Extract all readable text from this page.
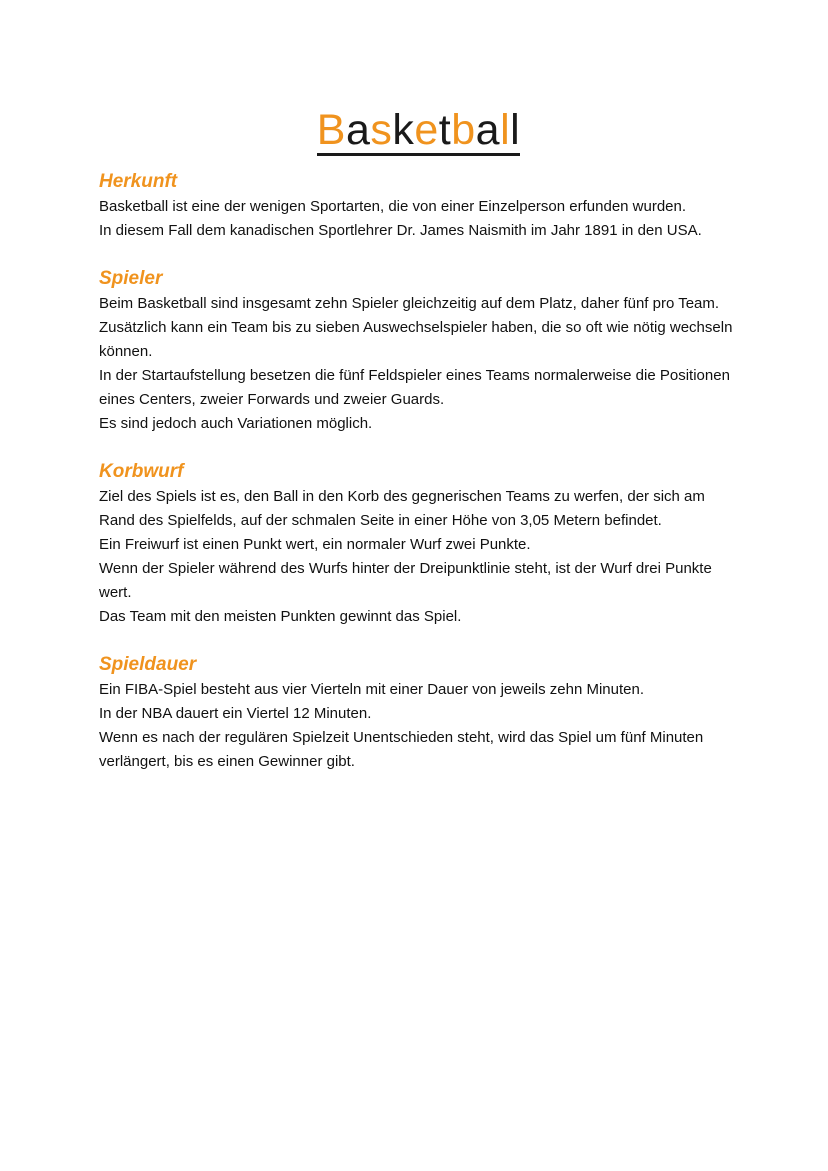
Basketball
Herkunft

Basketball ist eine der wenigen Sportarten, die von einer Einzelperson erfunden wurden.

In diesem Fall dem kanadischen Sportlehrer Dr. James Naismith im Jahr 1891 in den USA.

Spieler

Beim Basketball sind insgesamt zehn Spieler gleichzeitig auf dem Platz, daher fünf pro Team.

Zusätzlich kann ein Team bis zu sieben Auswechselspieler haben, die so oft wie nötig wechseln können.

In der Startaufstellung besetzen die fünf Feldspieler eines Teams normalerweise die Positionen eines Centers, zweier Forwards und zweier Guards.

Es sind jedoch auch Variationen möglich.

Korbwurf

Ziel des Spiels ist es, den Ball in den Korb des gegnerischen Teams zu werfen, der sich am Rand des Spielfelds, auf der schmalen Seite in einer Höhe von 3,05 Metern befindet.

Ein Freiwurf ist einen Punkt wert, ein normaler Wurf zwei Punkte.

Wenn der Spieler während des Wurfs hinter der Dreipunktlinie steht, ist der Wurf drei Punkte wert.

Das Team mit den meisten Punkten gewinnt das Spiel.

Spieldauer

Ein FIBA-Spiel besteht aus vier Vierteln mit einer Dauer von jeweils zehn Minuten.

In der NBA dauert ein Viertel 12 Minuten.

Wenn es nach der regulären Spielzeit Unentschieden steht, wird das Spiel um fünf Minuten verlängert, bis es einen Gewinner gibt.
